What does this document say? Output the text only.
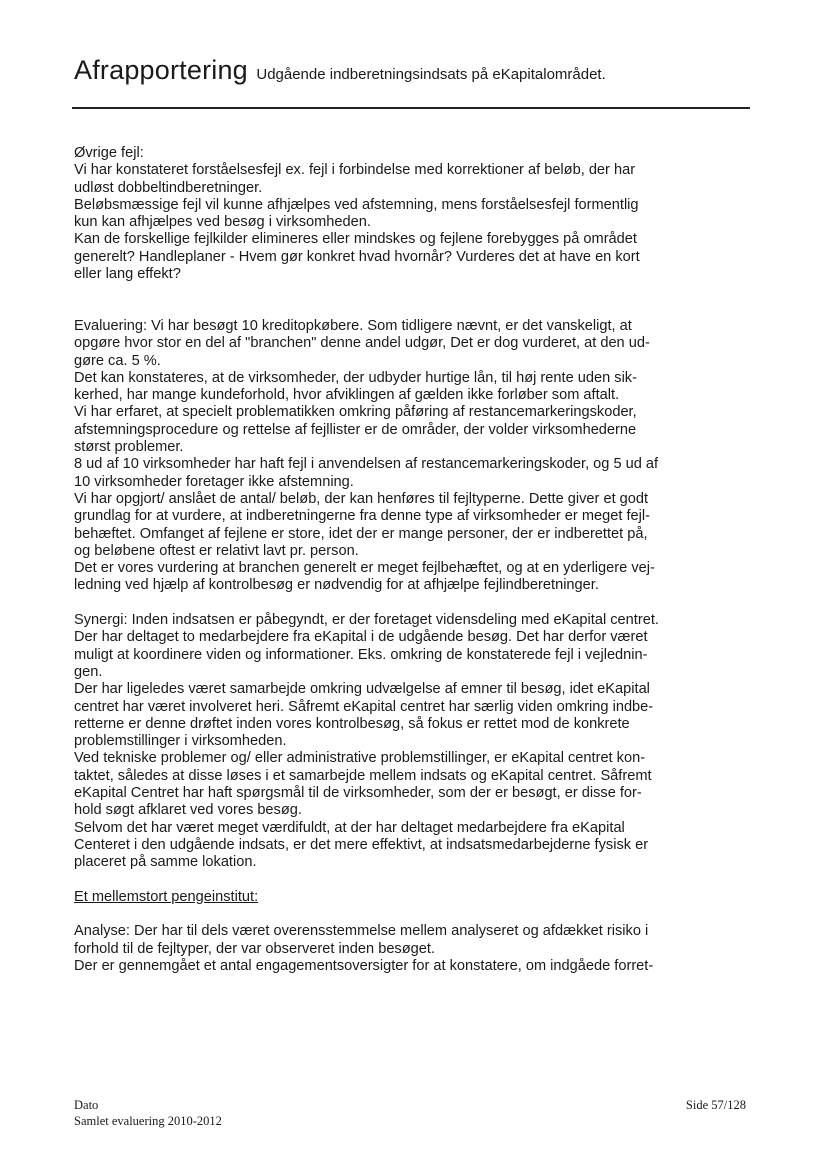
Afrapportering Udgående indberetningsindsats på eKapitalområdet.

Øvrige fejl:

Vi har konstateret forståelsesfejl ex. fejl i forbindelse med korrektioner af beløb, der har

udløst dobbeltindberetninger.

Beløbsmæssige fejl vil kunne afhjælpes ved afstemning, mens forståelsesfejl formentlig

kun kan afhjælpes ved besøg i virksomheden.

Kan de forskellige fejlkilder elimineres eller mindskes og fejlene forebygges på området

generelt? Handleplaner - Hvem gør konkret hvad hvornår? Vurderes det at have en kort

eller lang effekt?

Evaluering: Vi har besøgt 10 kreditopkøbere. Som tidligere nævnt, er det vanskeligt, at

opgøre hvor stor en del af "branchen" denne andel udgør, Det er dog vurderet, at den ud-

gøre ca. 5 %.

Det kan konstateres, at de virksomheder, der udbyder hurtige lån, til høj rente uden sik-

kerhed, har mange kundeforhold, hvor afviklingen af gælden ikke forløber som aftalt.

Vi har erfaret, at specielt problematikken omkring påføring af restancemarkeringskoder,

afstemningsprocedure og rettelse af fejllister er de områder, der volder virksomhederne

størst problemer.

8 ud af 10 virksomheder har haft fejl i anvendelsen af restancemarkeringskoder, og 5 ud af

10 virksomheder foretager ikke afstemning.

Vi har opgjort/ anslået de antal/ beløb, der kan henføres til fejltyperne. Dette giver et godt

grundlag for at vurdere, at indberetningerne fra denne type af virksomheder er meget fejl-

behæftet. Omfanget af fejlene er store, idet der er mange personer, der er indberettet på,

og beløbene oftest er relativt lavt pr. person.

Det er vores vurdering at branchen generelt er meget fejlbehæftet, og at en yderligere vej-

ledning ved hjælp af kontrolbesøg er nødvendig for at afhjælpe fejlindberetninger.

Synergi: Inden indsatsen er påbegyndt, er der foretaget vidensdeling med eKapital centret.

Der har deltaget to medarbejdere fra eKapital i de udgående besøg. Det har derfor været

muligt at koordinere viden og informationer. Eks. omkring de konstaterede fejl i vejlednin-

gen.

Der har ligeledes været samarbejde omkring udvælgelse af emner til besøg, idet eKapital

centret har været involveret heri. Såfremt eKapital centret har særlig viden omkring indbe-

retterne er denne drøftet inden vores kontrolbesøg, så fokus er rettet mod de konkrete

problemstillinger i virksomheden.

Ved tekniske problemer og/ eller administrative problemstillinger, er eKapital centret kon-

taktet, således at disse løses i et samarbejde mellem indsats og eKapital centret. Såfremt

eKapital Centret har haft spørgsmål til de virksomheder, som der er besøgt, er disse for-

hold søgt afklaret ved vores besøg.

Selvom det har været meget værdifuldt, at der har deltaget medarbejdere fra eKapital

Centeret i den udgående indsats, er det mere effektivt, at indsatsmedarbejderne fysisk er

placeret på samme lokation.

Et mellemstort pengeinstitut:

Analyse: Der har til dels været overensstemmelse mellem analyseret og afdækket risiko i

forhold til de fejltyper, der var observeret inden besøget.

Der er gennemgået et antal engagementsoversigter for at konstatere, om indgåede forret-

Dato
Samlet evaluering 2010-2012
Side 57/128
